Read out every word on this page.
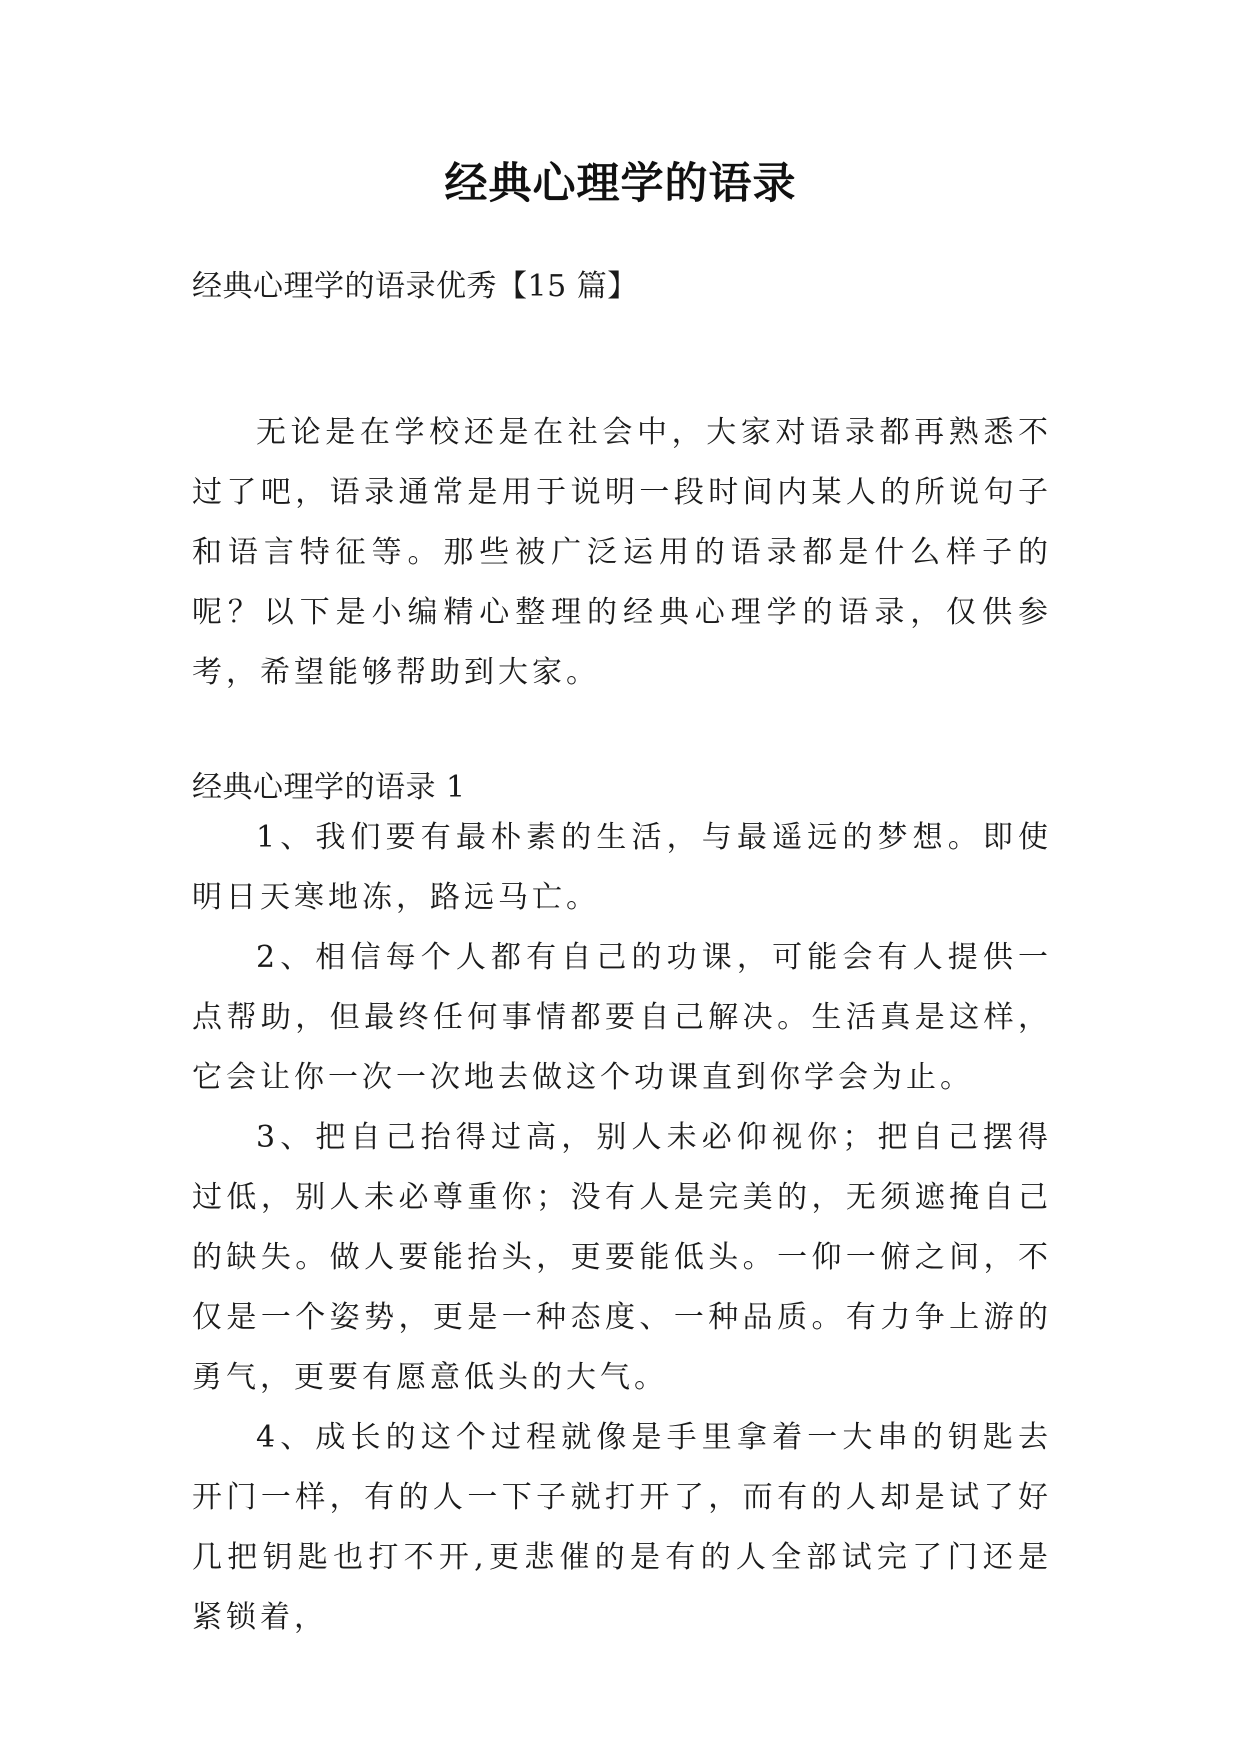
经典心理学的语录
经典心理学的语录优秀【15 篇】

无论是在学校还是在社会中，大家对语录都再熟悉不过了吧，语录通常是用于说明一段时间内某人的所说句子和语言特征等。那些被广泛运用的语录都是什么样子的呢？以下是小编精心整理的经典心理学的语录，仅供参考，希望能够帮助到大家。

经典心理学的语录 1

1、我们要有最朴素的生活，与最遥远的梦想。即使明日天寒地冻，路远马亡。

2、相信每个人都有自己的功课，可能会有人提供一点帮助，但最终任何事情都要自己解决。生活真是这样，它会让你一次一次地去做这个功课直到你学会为止。

3、把自己抬得过高，别人未必仰视你；把自己摆得过低，别人未必尊重你；没有人是完美的，无须遮掩自己的缺失。做人要能抬头，更要能低头。一仰一俯之间，不仅是一个姿势，更是一种态度、一种品质。有力争上游的勇气，更要有愿意低头的大气。

4、成长的这个过程就像是手里拿着一大串的钥匙去开门一样，有的人一下子就打开了，而有的人却是试了好几把钥匙也打不开,更悲催的是有的人全部试完了门还是紧锁着，
